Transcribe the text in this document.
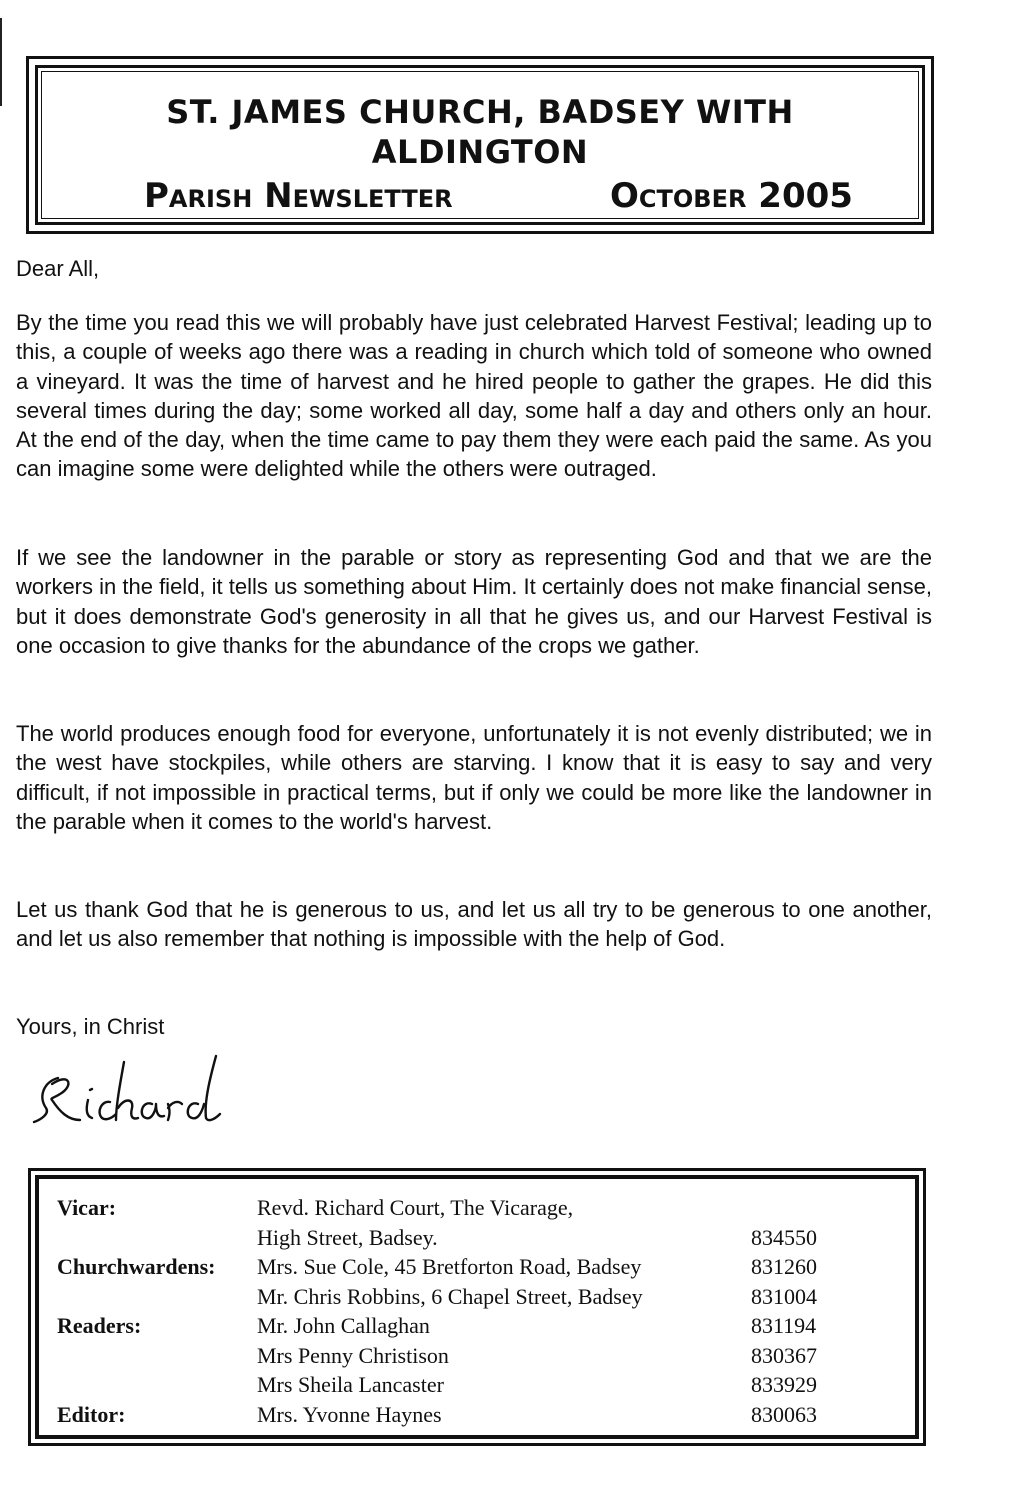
ST. JAMES CHURCH, BADSEY WITH ALDINGTON
Parish Newsletter	October 2005

Dear All,

By the time you read this we will probably have just celebrated Harvest Festival; leading up to this, a couple of weeks ago there was a reading in church which told of someone who owned a vineyard. It was the time of harvest and he hired people to gather the grapes. He did this several times during the day; some worked all day, some half a day and others only an hour. At the end of the day, when the time came to pay them they were each paid the same. As you can imagine some were delighted while the others were outraged.

If we see the landowner in the parable or story as representing God and that we are the workers in the field, it tells us something about Him. It certainly does not make financial sense, but it does demonstrate God's generosity in all that he gives us, and our Harvest Festival is one occasion to give thanks for the abundance of the crops we gather.

The world produces enough food for everyone, unfortunately it is not evenly distributed; we in the west have stockpiles, while others are starving. I know that it is easy to say and very difficult, if not impossible in practical terms, but if only we could be more like the landowner in the parable when it comes to the world's harvest.

Let us thank God that he is generous to us, and let us all try to be generous to one another, and let us also remember that nothing is impossible with the help of God.

Yours, in Christ

Vicar:	Revd. Richard Court, The Vicarage,	
	High Street, Badsey.	834550
Churchwardens:	Mrs. Sue Cole, 45 Bretforton Road, Badsey	831260
	Mr. Chris Robbins, 6 Chapel Street, Badsey	831004
Readers:	Mr. John Callaghan	831194
	Mrs Penny Christison	830367
	Mrs Sheila Lancaster	833929
Editor:	Mrs. Yvonne Haynes	830063
